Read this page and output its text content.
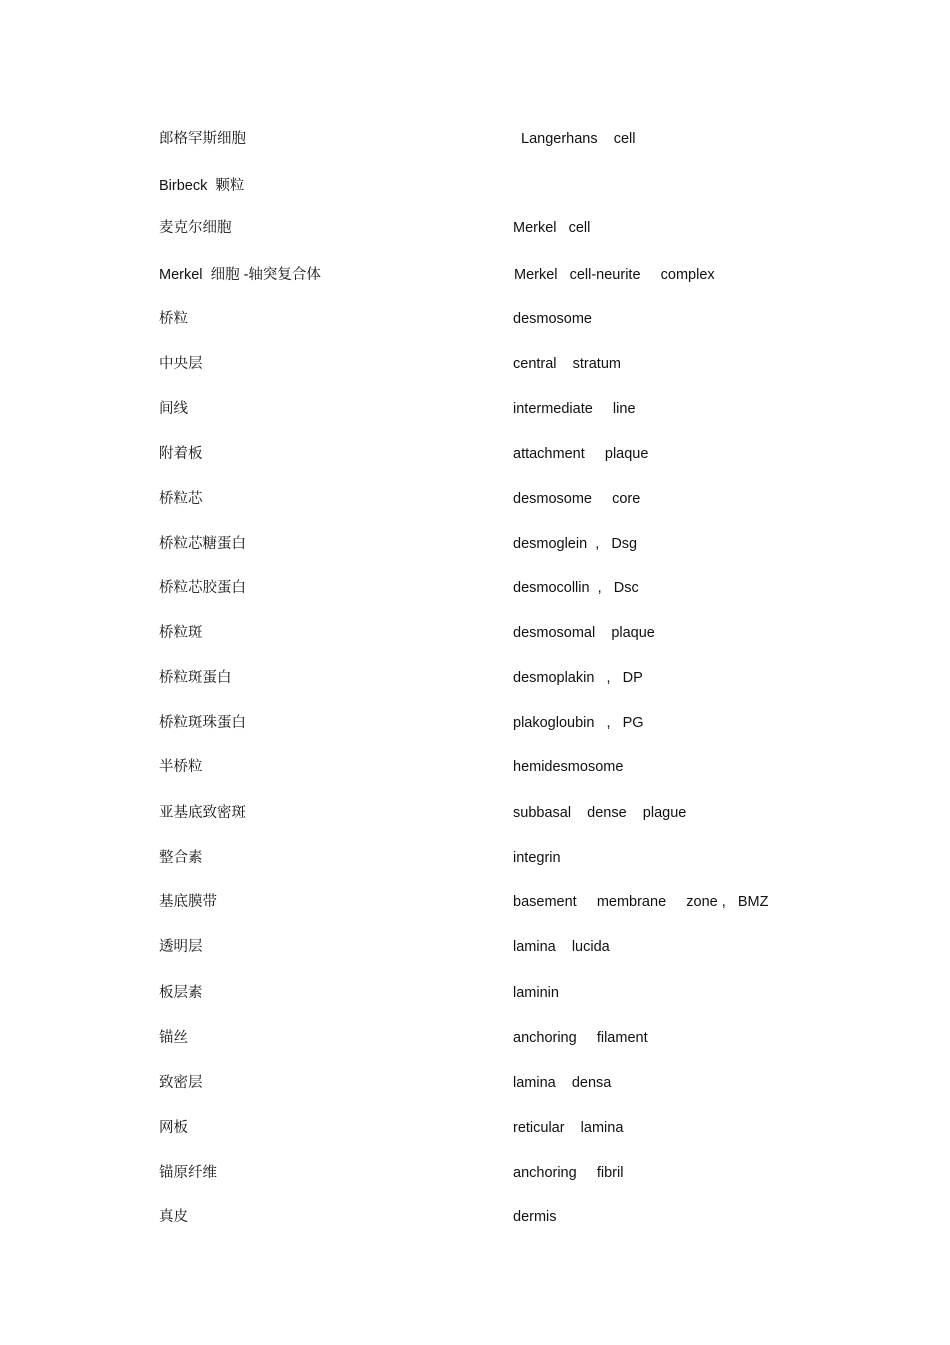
郎格罕斯细胞	Langerhans    cell
Birbeck  颗粒
麦克尔细胞	Merkel   cell
Merkel  细胞 -轴突复合体	Merkel   cell-neurite     complex
桥粒	desmosome
中央层	central    stratum
间线	intermediate     line
附着板	attachment     plaque
桥粒芯	desmosome     core
桥粒芯糖蛋白	desmoglein  ,   Dsg
桥粒芯胶蛋白	desmocollin  ,   Dsc
桥粒斑	desmosomal    plaque
桥粒斑蛋白	desmoplakin   ,   DP
桥粒斑珠蛋白	plakogloubin   ,   PG
半桥粒	hemidesmosome
亚基底致密斑	subbasal    dense    plague
整合素	integrin
基底膜带	basement     membrane     zone ,   BMZ
透明层	lamina    lucida
板层素	laminin
锚丝	anchoring     filament
致密层	lamina    densa
网板	reticular    lamina
锚原纤维	anchoring     fibril
真皮	dermis
